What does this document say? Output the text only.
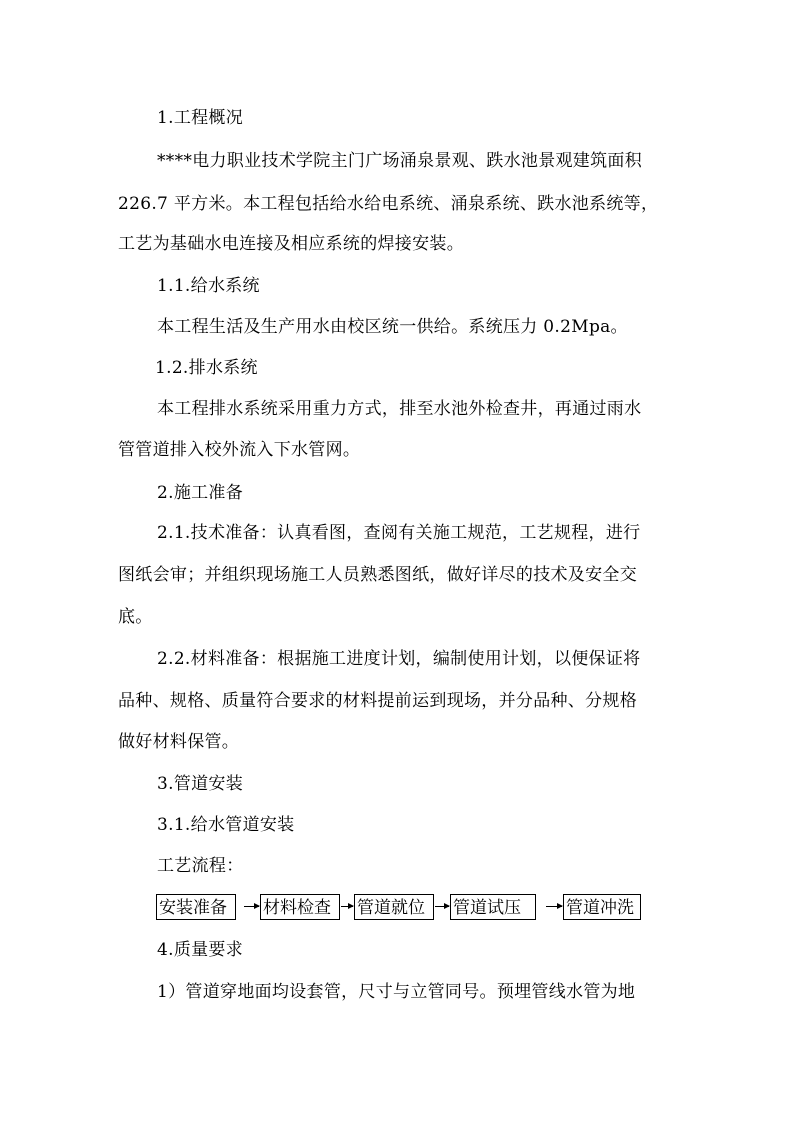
1.工程概况
****电力职业技术学院主门广场涌泉景观、跌水池景观建筑面积
226.7 平方米。本工程包括给水给电系统、涌泉系统、跌水池系统等，
工艺为基础水电连接及相应系统的焊接安装。
1.1.给水系统
本工程生活及生产用水由校区统一供给。系统压力 0.2Mpa。
1.2.排水系统
本工程排水系统采用重力方式，排至水池外检查井，再通过雨水
管管道排入校外流入下水管网。
2.施工准备
2.1.技术准备：认真看图，查阅有关施工规范，工艺规程，进行
图纸会审；并组织现场施工人员熟悉图纸，做好详尽的技术及安全交
底。
2.2.材料准备：根据施工进度计划，编制使用计划，以便保证将
品种、规格、质量符合要求的材料提前运到现场，并分品种、分规格
做好材料保管。
3.管道安装
3.1.给水管道安装
工艺流程：
安装准备	材料检查	管道就位	管道试压	管道冲洗
4.质量要求
1）管道穿地面均设套管，尺寸与立管同号。预埋管线水管为地
